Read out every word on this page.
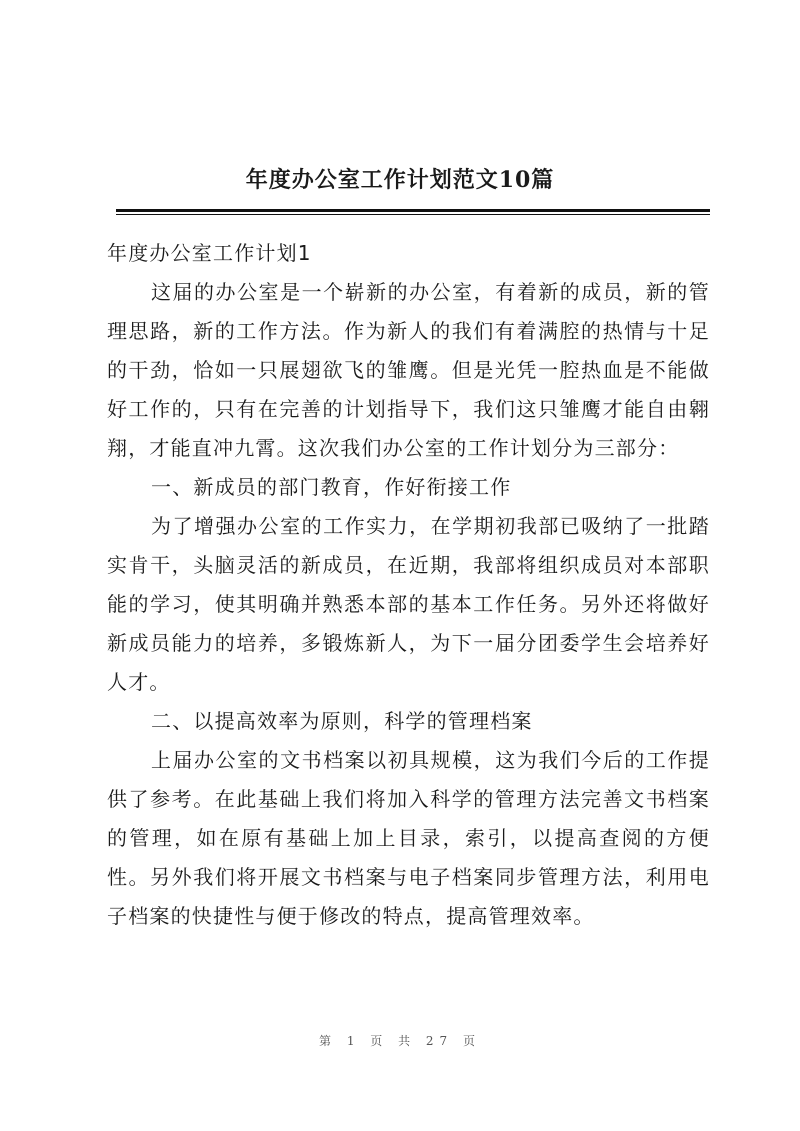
年度办公室工作计划范文10篇

年度办公室工作计划1

这届的办公室是一个崭新的办公室，有着新的成员，新的管理思路，新的工作方法。作为新人的我们有着满腔的热情与十足的干劲，恰如一只展翅欲飞的雏鹰。但是光凭一腔热血是不能做好工作的，只有在完善的计划指导下，我们这只雏鹰才能自由翱翔，才能直冲九霄。这次我们办公室的工作计划分为三部分：

一、新成员的部门教育，作好衔接工作

为了增强办公室的工作实力，在学期初我部已吸纳了一批踏实肯干，头脑灵活的新成员，在近期，我部将组织成员对本部职能的学习，使其明确并熟悉本部的基本工作任务。另外还将做好新成员能力的培养，多锻炼新人，为下一届分团委学生会培养好人才。

二、以提高效率为原则，科学的管理档案

上届办公室的文书档案以初具规模，这为我们今后的工作提供了参考。在此基础上我们将加入科学的管理方法完善文书档案的管理，如在原有基础上加上目录，索引，以提高查阅的方便性。另外我们将开展文书档案与电子档案同步管理方法，利用电子档案的快捷性与便于修改的特点，提高管理效率。

第 1 页 共 27 页
